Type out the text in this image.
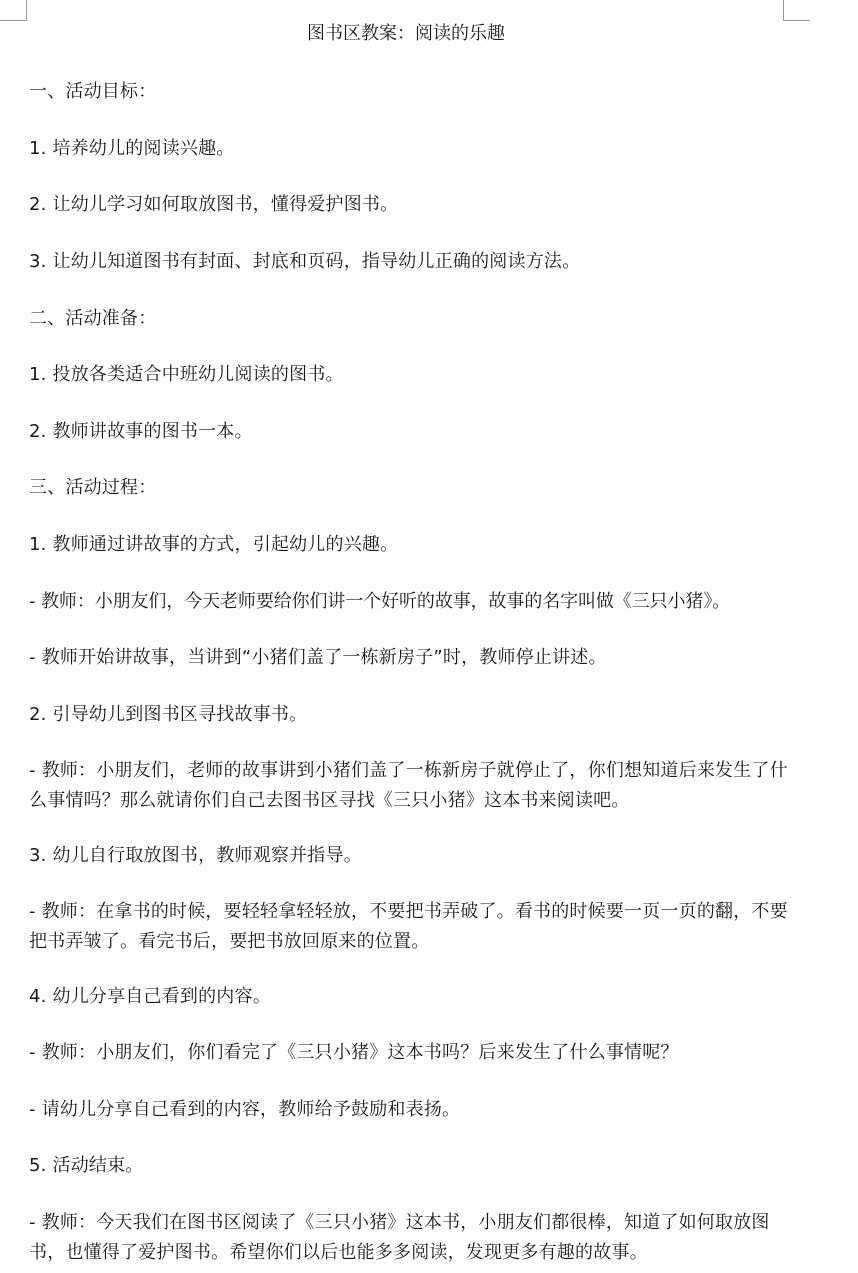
图书区教案：阅读的乐趣
一、活动目标：
1. 培养幼儿的阅读兴趣。
2. 让幼儿学习如何取放图书，懂得爱护图书。
3. 让幼儿知道图书有封面、封底和页码，指导幼儿正确的阅读方法。
二、活动准备：
1. 投放各类适合中班幼儿阅读的图书。
2. 教师讲故事的图书一本。
三、活动过程：
1. 教师通过讲故事的方式，引起幼儿的兴趣。
- 教师：小朋友们，今天老师要给你们讲一个好听的故事，故事的名字叫做《三只小猪》。
- 教师开始讲故事，当讲到“小猪们盖了一栋新房子”时，教师停止讲述。
2. 引导幼儿到图书区寻找故事书。
- 教师：小朋友们，老师的故事讲到小猪们盖了一栋新房子就停止了，你们想知道后来发生了什么事情吗？那么就请你们自己去图书区寻找《三只小猪》这本书来阅读吧。
3. 幼儿自行取放图书，教师观察并指导。
- 教师：在拿书的时候，要轻轻拿轻轻放，不要把书弄破了。看书的时候要一页一页的翻，不要把书弄皱了。看完书后，要把书放回原来的位置。
4. 幼儿分享自己看到的内容。
- 教师：小朋友们，你们看完了《三只小猪》这本书吗？后来发生了什么事情呢？
- 请幼儿分享自己看到的内容，教师给予鼓励和表扬。
5. 活动结束。
- 教师：今天我们在图书区阅读了《三只小猪》这本书，小朋友们都很棒，知道了如何取放图书，也懂得了爱护图书。希望你们以后也能多多阅读，发现更多有趣的故事。
